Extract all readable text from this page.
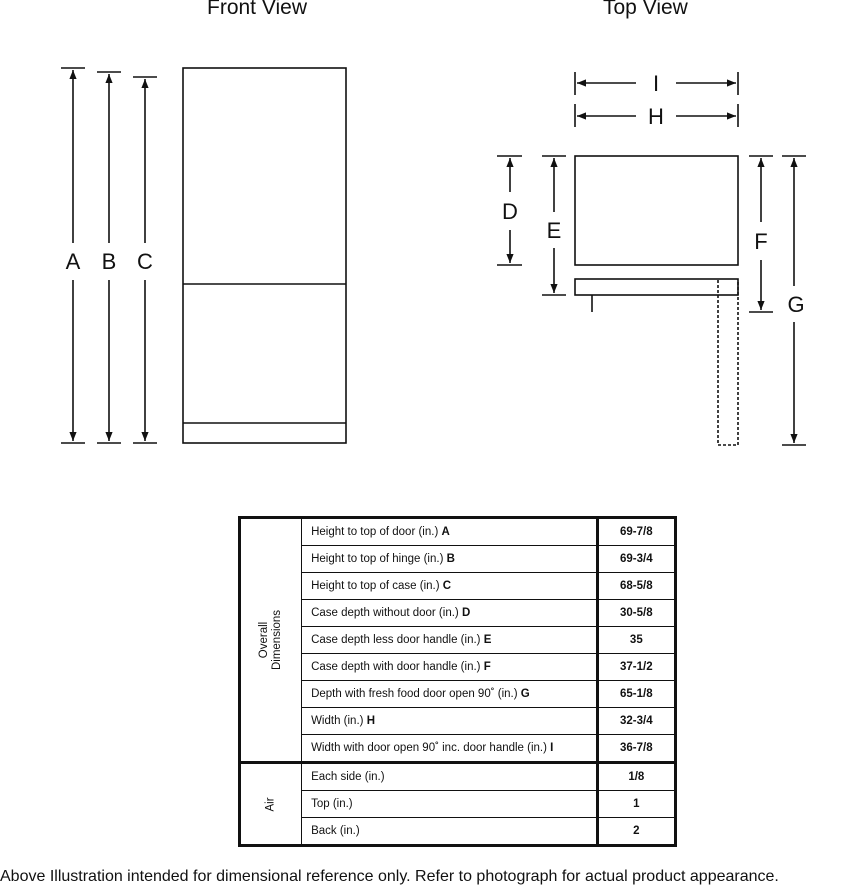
Front View	Top View
A B C
I
H
D
E	F
G
Overall Dimensions	Height to top of door (in.) A	69-7/8
	Height to top of hinge (in.) B	69-3/4
	Height to top of case (in.) C	68-5/8
	Case depth without door (in.) D	30-5/8
	Case depth less door handle (in.) E	35
	Case depth with door handle (in.) F	37-1/2
	Depth with fresh food door open 90˚ (in.) G	65-1/8
	Width (in.) H	32-3/4
	Width with door open 90˚ inc. door handle (in.) I	36-7/8

Air	Each side (in.)	1/8
	Top (in.)	1
	Back (in.)	2
Above Illustration intended for dimensional reference only. Refer to photograph for actual product appearance.
